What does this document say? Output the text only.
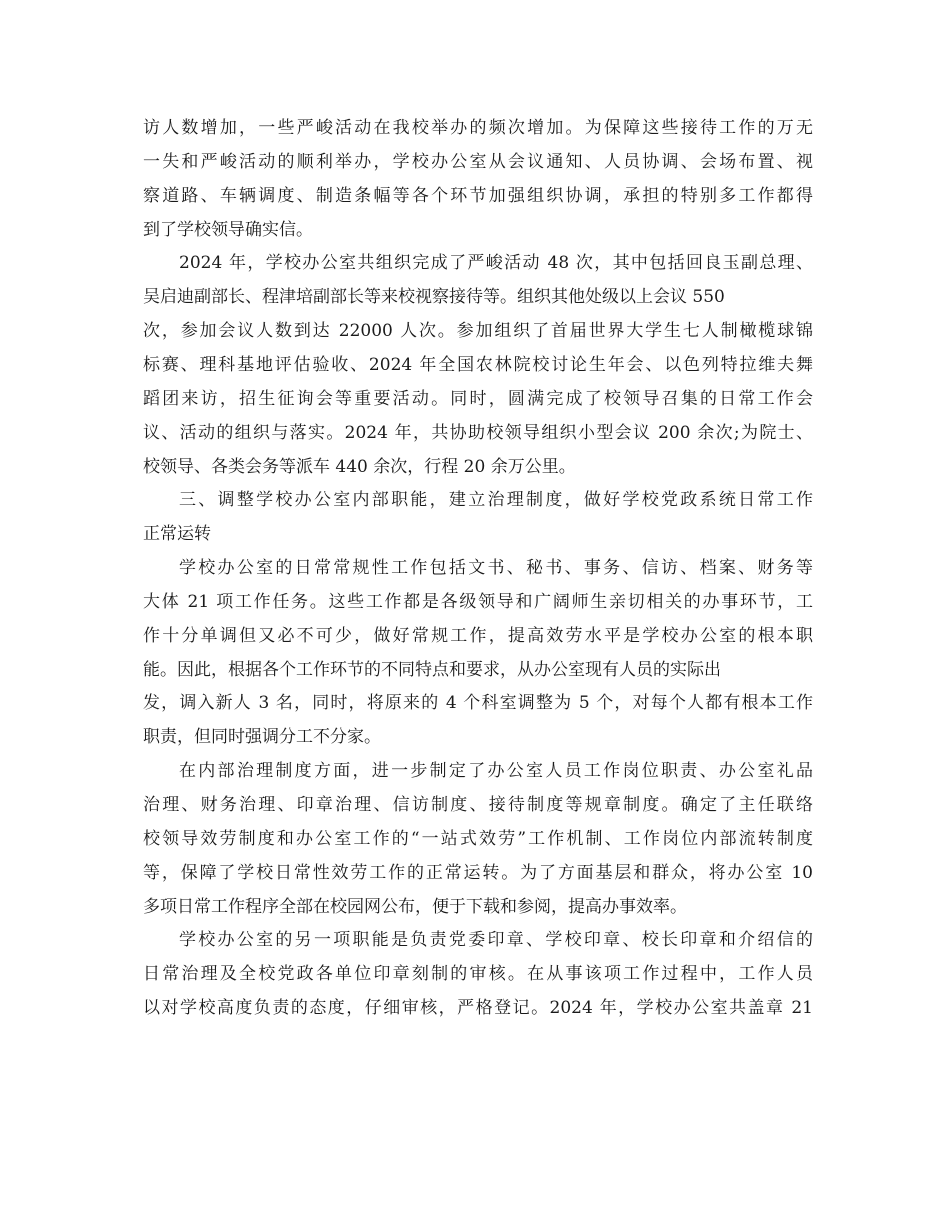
访人数增加，一些严峻活动在我校举办的频次增加。为保障这些接待工作的万无
一失和严峻活动的顺利举办，学校办公室从会议通知、人员协调、会场布置、视
察道路、车辆调度、制造条幅等各个环节加强组织协调，承担的特别多工作都得
到了学校领导确实信。
2024 年，学校办公室共组织完成了严峻活动 48 次，其中包括回良玉副总理、
吴启迪副部长、程津培副部长等来校视察接待等。组织其他处级以上会议 550
次，参加会议人数到达 22000 人次。参加组织了首届世界大学生七人制橄榄球锦
标赛、理科基地评估验收、2024 年全国农林院校讨论生年会、以色列特拉维夫舞
蹈团来访，招生征询会等重要活动。同时，圆满完成了校领导召集的日常工作会
议、活动的组织与落实。2024 年，共协助校领导组织小型会议 200 余次;为院士、
校领导、各类会务等派车 440 余次，行程 20 余万公里。
三、调整学校办公室内部职能，建立治理制度，做好学校党政系统日常工作
正常运转
学校办公室的日常常规性工作包括文书、秘书、事务、信访、档案、财务等
大体 21 项工作任务。这些工作都是各级领导和广阔师生亲切相关的办事环节，工
作十分单调但又必不可少，做好常规工作，提高效劳水平是学校办公室的根本职
能。因此，根据各个工作环节的不同特点和要求，从办公室现有人员的实际出
发，调入新人 3 名，同时，将原来的 4 个科室调整为 5 个，对每个人都有根本工作
职责，但同时强调分工不分家。
在内部治理制度方面，进一步制定了办公室人员工作岗位职责、办公室礼品
治理、财务治理、印章治理、信访制度、接待制度等规章制度。确定了主任联络
校领导效劳制度和办公室工作的“一站式效劳”工作机制、工作岗位内部流转制度
等，保障了学校日常性效劳工作的正常运转。为了方面基层和群众，将办公室 10
多项日常工作程序全部在校园网公布，便于下载和参阅，提高办事效率。
学校办公室的另一项职能是负责党委印章、学校印章、校长印章和介绍信的
日常治理及全校党政各单位印章刻制的审核。在从事该项工作过程中，工作人员
以对学校高度负责的态度，仔细审核，严格登记。2024 年，学校办公室共盖章 21
